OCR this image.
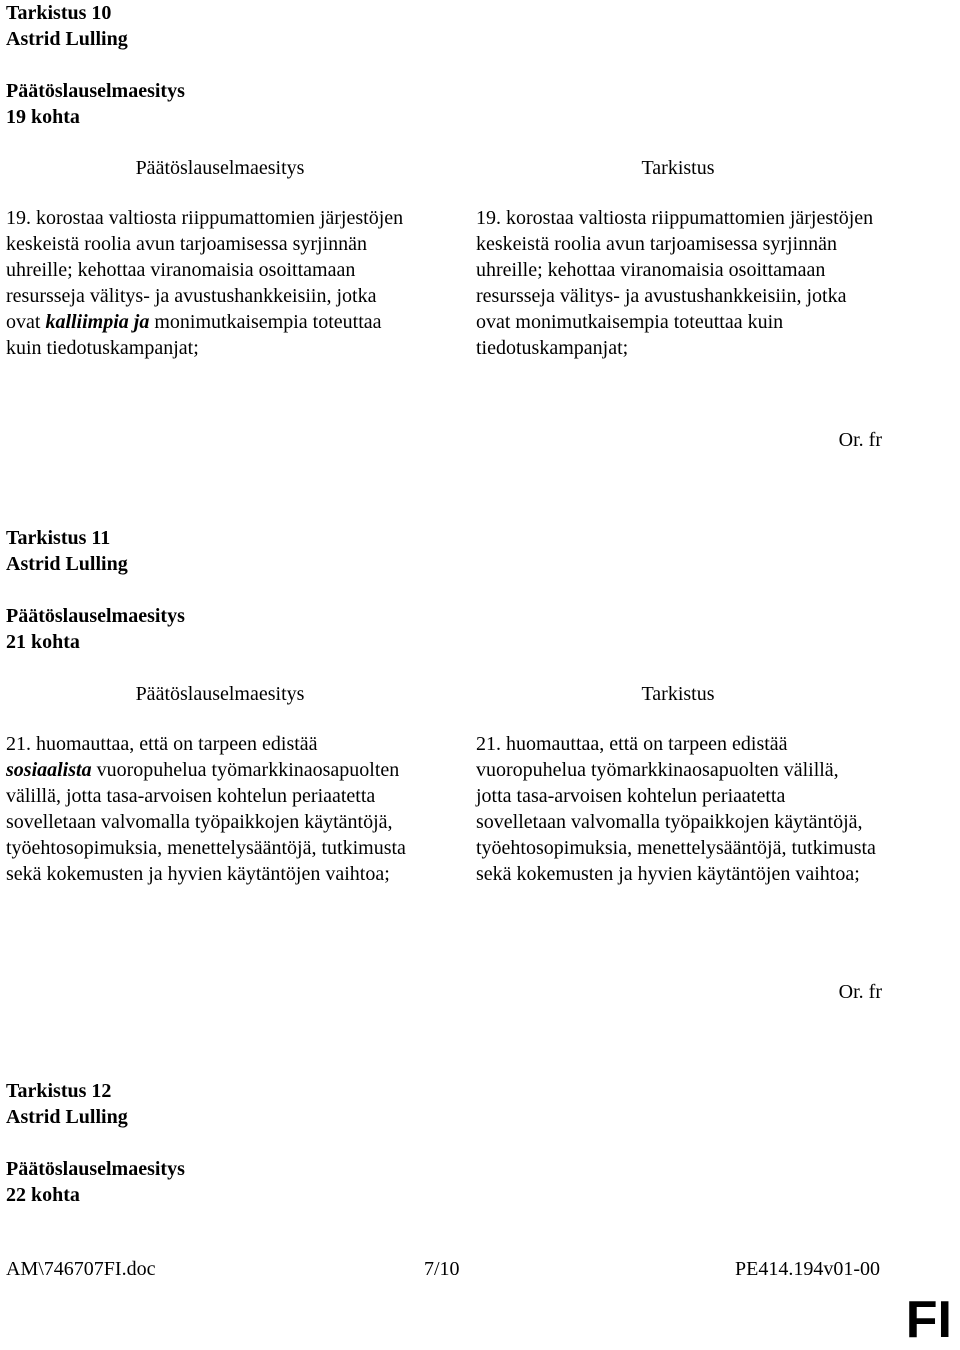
Tarkistus 10
Astrid Lulling
Päätöslauselmaesitys
19 kohta
Päätöslauselmaesitys	Tarkistus

19. korostaa valtiosta riippumattomien järjestöjen keskeistä roolia avun tarjoamisessa syrjinnän uhreille; kehottaa viranomaisia osoittamaan resursseja välitys- ja avustushankkeisiin, jotka ovat kalliimpia ja monimutkaisempia toteuttaa kuin tiedotuskampanjat;

19. korostaa valtiosta riippumattomien järjestöjen keskeistä roolia avun tarjoamisessa syrjinnän uhreille; kehottaa viranomaisia osoittamaan resursseja välitys- ja avustushankkeisiin, jotka ovat monimutkaisempia toteuttaa kuin tiedotuskampanjat;

Or. fr
Tarkistus 11
Astrid Lulling
Päätöslauselmaesitys
21 kohta
Päätöslauselmaesitys	Tarkistus

21. huomauttaa, että on tarpeen edistää sosiaalista vuoropuhelua työmarkkinaosapuolten välillä, jotta tasa-arvoisen kohtelun periaatetta sovelletaan valvomalla työpaikkojen käytäntöjä, työehtosopimuksia, menettelysääntöjä, tutkimusta sekä kokemusten ja hyvien käytäntöjen vaihtoa;

21. huomauttaa, että on tarpeen edistää vuoropuhelua työmarkkinaosapuolten välillä, jotta tasa-arvoisen kohtelun periaatetta sovelletaan valvomalla työpaikkojen käytäntöjä, työehtosopimuksia, menettelysääntöjä, tutkimusta sekä kokemusten ja hyvien käytäntöjen vaihtoa;

Or. fr
Tarkistus 12
Astrid Lulling
Päätöslauselmaesitys
22 kohta
AM\746707FI.doc	7/10	PE414.194v01-00
FI
